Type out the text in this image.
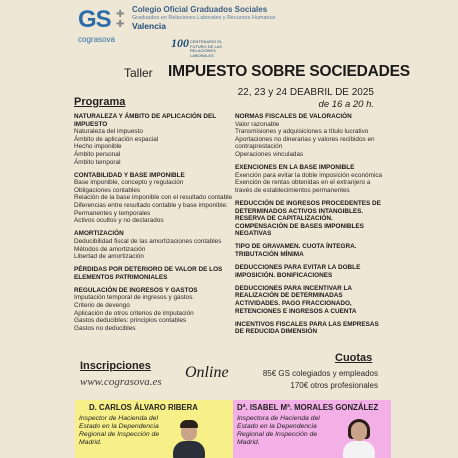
GS ✚
✚
cograsova
Colegio Oficial Graduados Sociales
Graduados en Relaciones Laborales y Recursos Humanos
Valencia
100 CENTENARIO EL FUTURO DE LAS RELACIONES LABORALES
Taller IMPUESTO SOBRE SOCIEDADES
22, 23 y 24 DEABRIL DE 2025
de 16 a 20 h.
Programa
NATURALEZA Y ÁMBITO DE APLICACIÓN DEL IMPUESTO
Naturaleza del impuesto
Ámbito de aplicación espacial
Hecho imponible
Ámbito personal
Ámbito temporal
CONTABILIDAD Y BASE IMPONIBLE
Base imponible, concepto y regulación
Obligaciones contables
Relación de la base imponible con el resultado contable
Diferencias entre resultado contable y base imponible:
Permanentes y temporales
Activos ocultos y no declarados
AMORTIZACIÓN
Deducibilidad fiscal de las amortizaciones contables
Métodos de amortización
Libertad de amortización
PÉRDIDAS POR DETERIORO DE VALOR DE LOS ELEMENTOS PATRIMONIALES
REGULACIÓN DE INGRESOS Y GASTOS
Imputación temporal de ingresos y gastos.
Criterio de devengo
Aplicación de otros criterios de imputación
Gastos deducibles: principios contables
Gastos no deducibles
NORMAS FISCALES DE VALORACIÓN
Valor razonable
Transmisiones y adquisiciones a título lucrativo
Aportaciones no dinerarias y valores recibidos en contraprestación
Operaciones vinculadas
EXENCIONES EN LA BASE IMPONIBLE
Exención para evitar la doble imposición económica
Exención de rentas obtenidas en el extranjero a través de establecimientos permanentes
REDUCCIÓN DE INGRESOS PROCEDENTES DE DETERMINADOS ACTIVOS INTANGIBLES. RESERVA DE CAPITALIZACIÓN. COMPENSACIÓN DE BASES IMPONIBLES NEGATIVAS
TIPO DE GRAVAMEN. CUOTA ÍNTEGRA. TRIBUTACIÓN MÍNIMA
DEDUCCIONES PARA EVITAR LA DOBLE IMPOSICIÓN. BONIFICACIONES
DEDUCCIONES PARA INCENTIVAR LA REALIZACIÓN DE DETERMINADAS ACTIVIDADES. PAGO FRACCIONADO, RETENCIONES E INGRESOS A CUENTA
INCENTIVOS FISCALES PARA LAS EMPRESAS DE REDUCIDA DIMENSIÓN
Inscripciones
www.cograsova.es
Online
Cuotas
85€ GS colegiados y empleados
170€ otros profesionales
D. CARLOS ÁLVARO RIBERA
Inspector de Hacienda del Estado en la Dependencia Regional de Inspección de Madrid.
Dª. ISABEL Mª. MORALES GONZÁLEZ
Inspectora de Hacienda del Estado en la Dependencia Regional de Inspección de Madrid.
